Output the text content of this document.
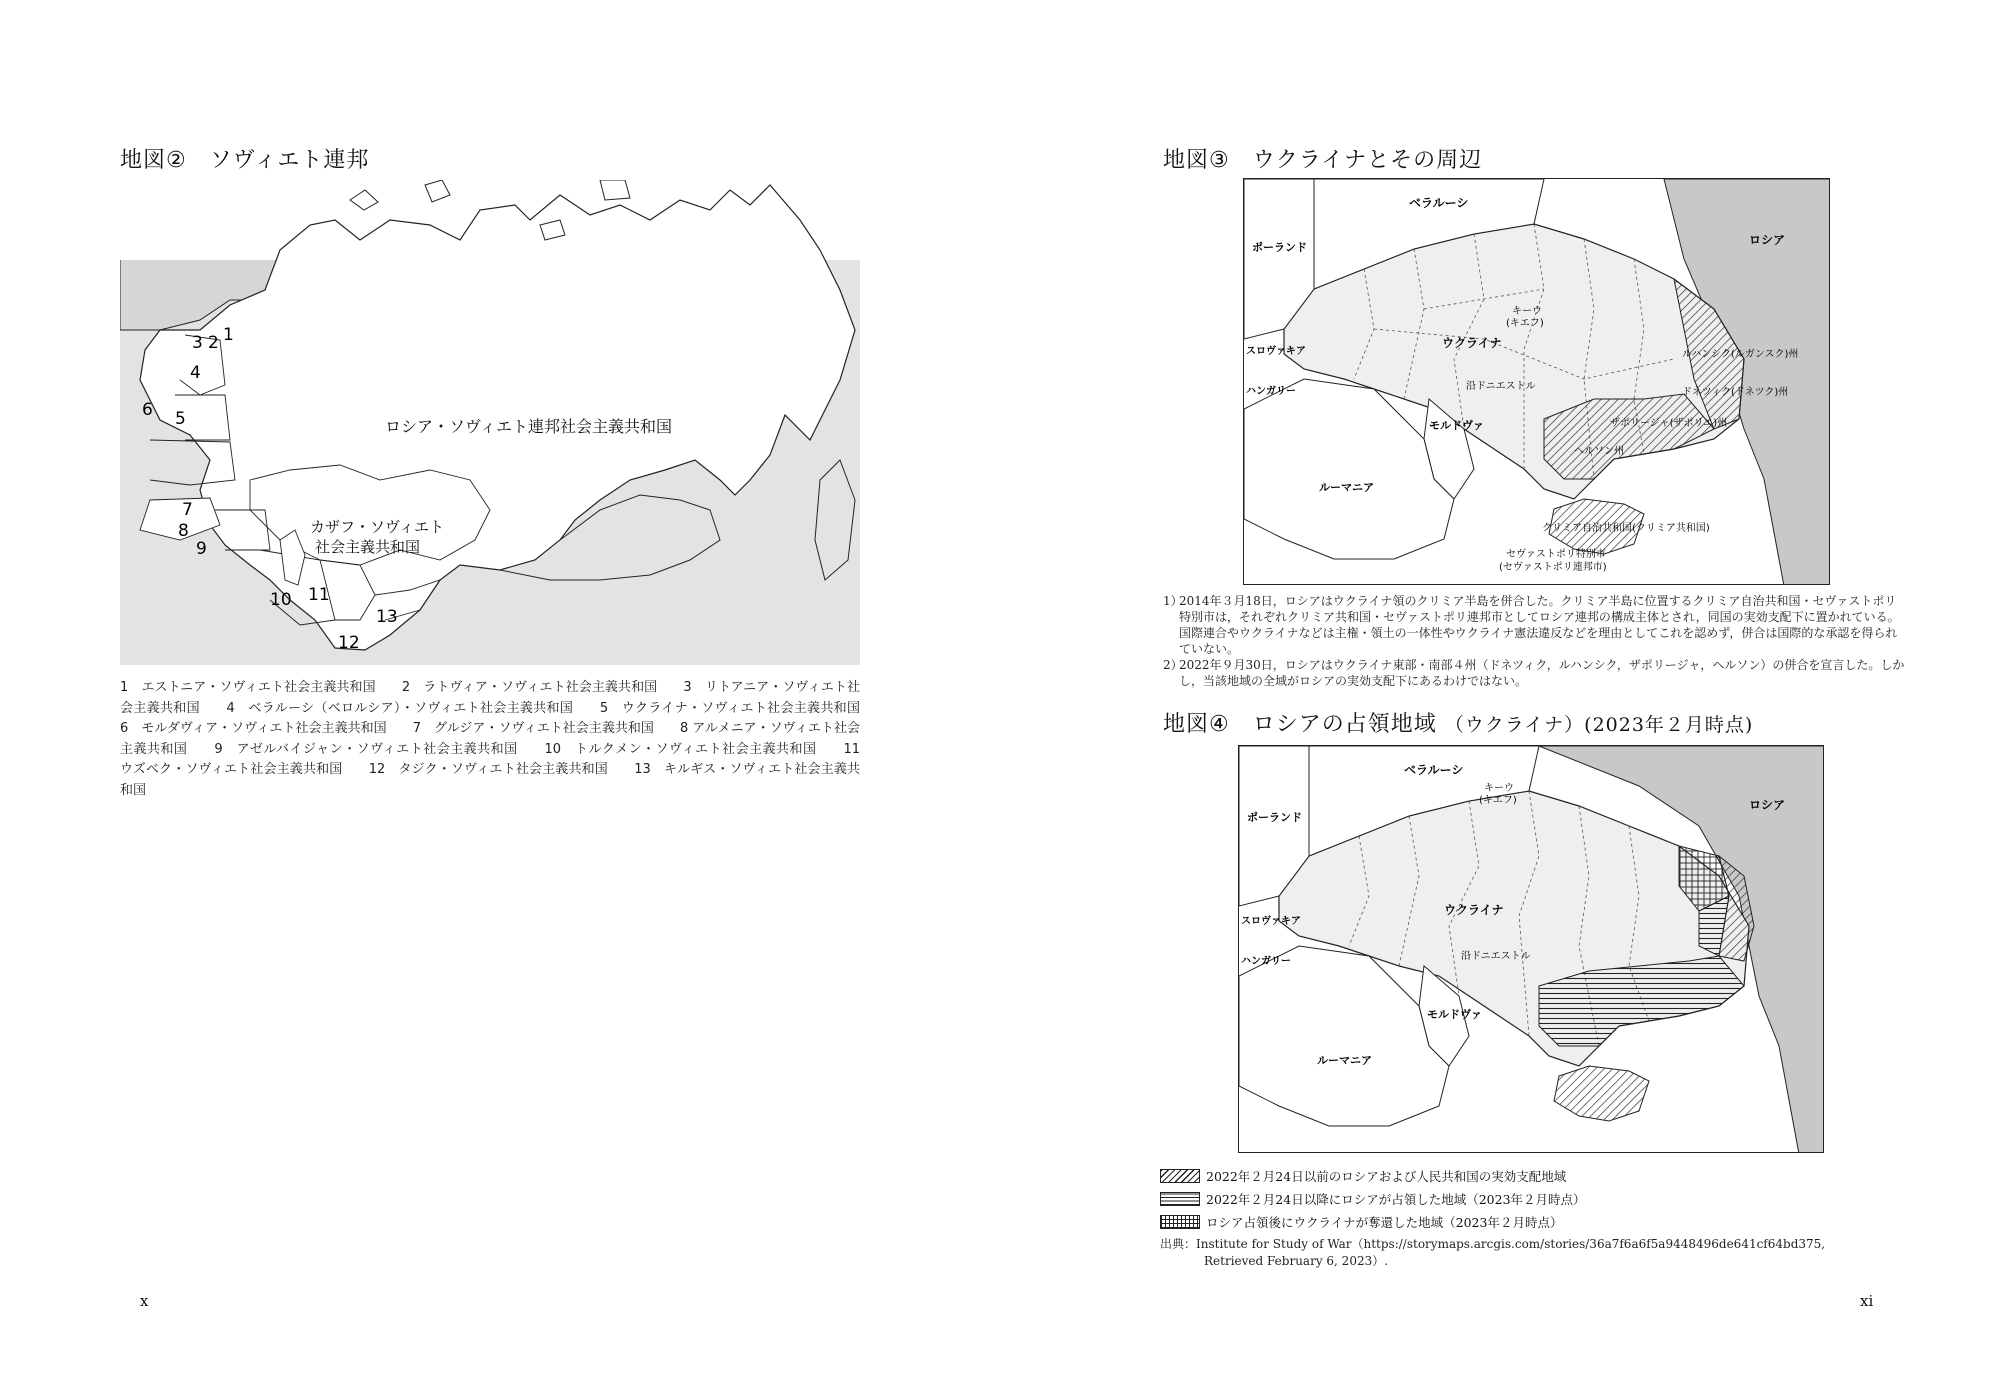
地図②　ソヴィエト連邦
ロシア・ソヴィエト連邦社会主義共和国
カザフ・ソヴィエト
社会主義共和国
1
2
3
4
5
6
7
8
9
10 11
12
13
1　エストニア・ソヴィエト社会主義共和国　　2　ラトヴィア・ソヴィエト社会主義共和国　　3　リトアニア・ソヴィエト社会主義共和国　　4　ベラルーシ（ベロルシア）・ソヴィエト社会主義共和国　　5　ウクライナ・ソヴィエト社会主義共和国　　6　モルダヴィア・ソヴィエト社会主義共和国　　7　グルジア・ソヴィエト社会主義共和国　　8 アルメニア・ソヴィエト社会主義共和国　　9　アゼルバイジャン・ソヴィエト社会主義共和国　　10　トルクメン・ソヴィエト社会主義共和国　　11　ウズベク・ソヴィエト社会主義共和国　　12　タジク・ソヴィエト社会主義共和国　　13　キルギス・ソヴィエト社会主義共和国
x
地図③　ウクライナとその周辺
ベラルーシ
ポーランド
ロシア
スロヴァキア
ハンガリー
キーウ
(キエフ)
ウクライナ
ルハンシク(ルガンスク)州
ドネツィク(ドネツク)州
沿ドニエストル
ザポリージャ(ザポリエ)州
モルドヴァ
ヘルソン州
ルーマニア
クリミア自治共和国(クリミア共和国)
セヴァストポリ特別市
(セヴァストポリ連邦市)
1）
2014年３月18日，ロシアはウクライナ領のクリミア半島を併合した。クリミア半島に位置するクリミア自治共和国・セヴァストポリ特別市は，それぞれクリミア共和国・セヴァストポリ連邦市としてロシア連邦の構成主体とされ，同国の実効支配下に置かれている。国際連合やウクライナなどは主権・領土の一体性やウクライナ憲法違反などを理由としてこれを認めず，併合は国際的な承認を得られていない。
2）
2022年９月30日，ロシアはウクライナ東部・南部４州（ドネツィク，ルハンシク，ザポリージャ，ヘルソン）の併合を宣言した。しかし，当該地域の全域がロシアの実効支配下にあるわけではない。
地図④　ロシアの占領地域 （ウクライナ）(2023年２月時点)
ベラルーシ
キーウ
(キエフ)
ポーランド
ロシア
ウクライナ
スロヴァキア
ハンガリー	沿ドニエストル
モルドヴァ
ルーマニア
2022年２月24日以前のロシアおよび人民共和国の実効支配地域
2022年２月24日以降にロシアが占領した地域（2023年２月時点）
ロシア占領後にウクライナが奪還した地域（2023年２月時点）
出典：Institute for Study of War（https://storymaps.arcgis.com/stories/36a7f6a6f5a9448496de641cf64bd375,
Retrieved February 6, 2023）.
xi
